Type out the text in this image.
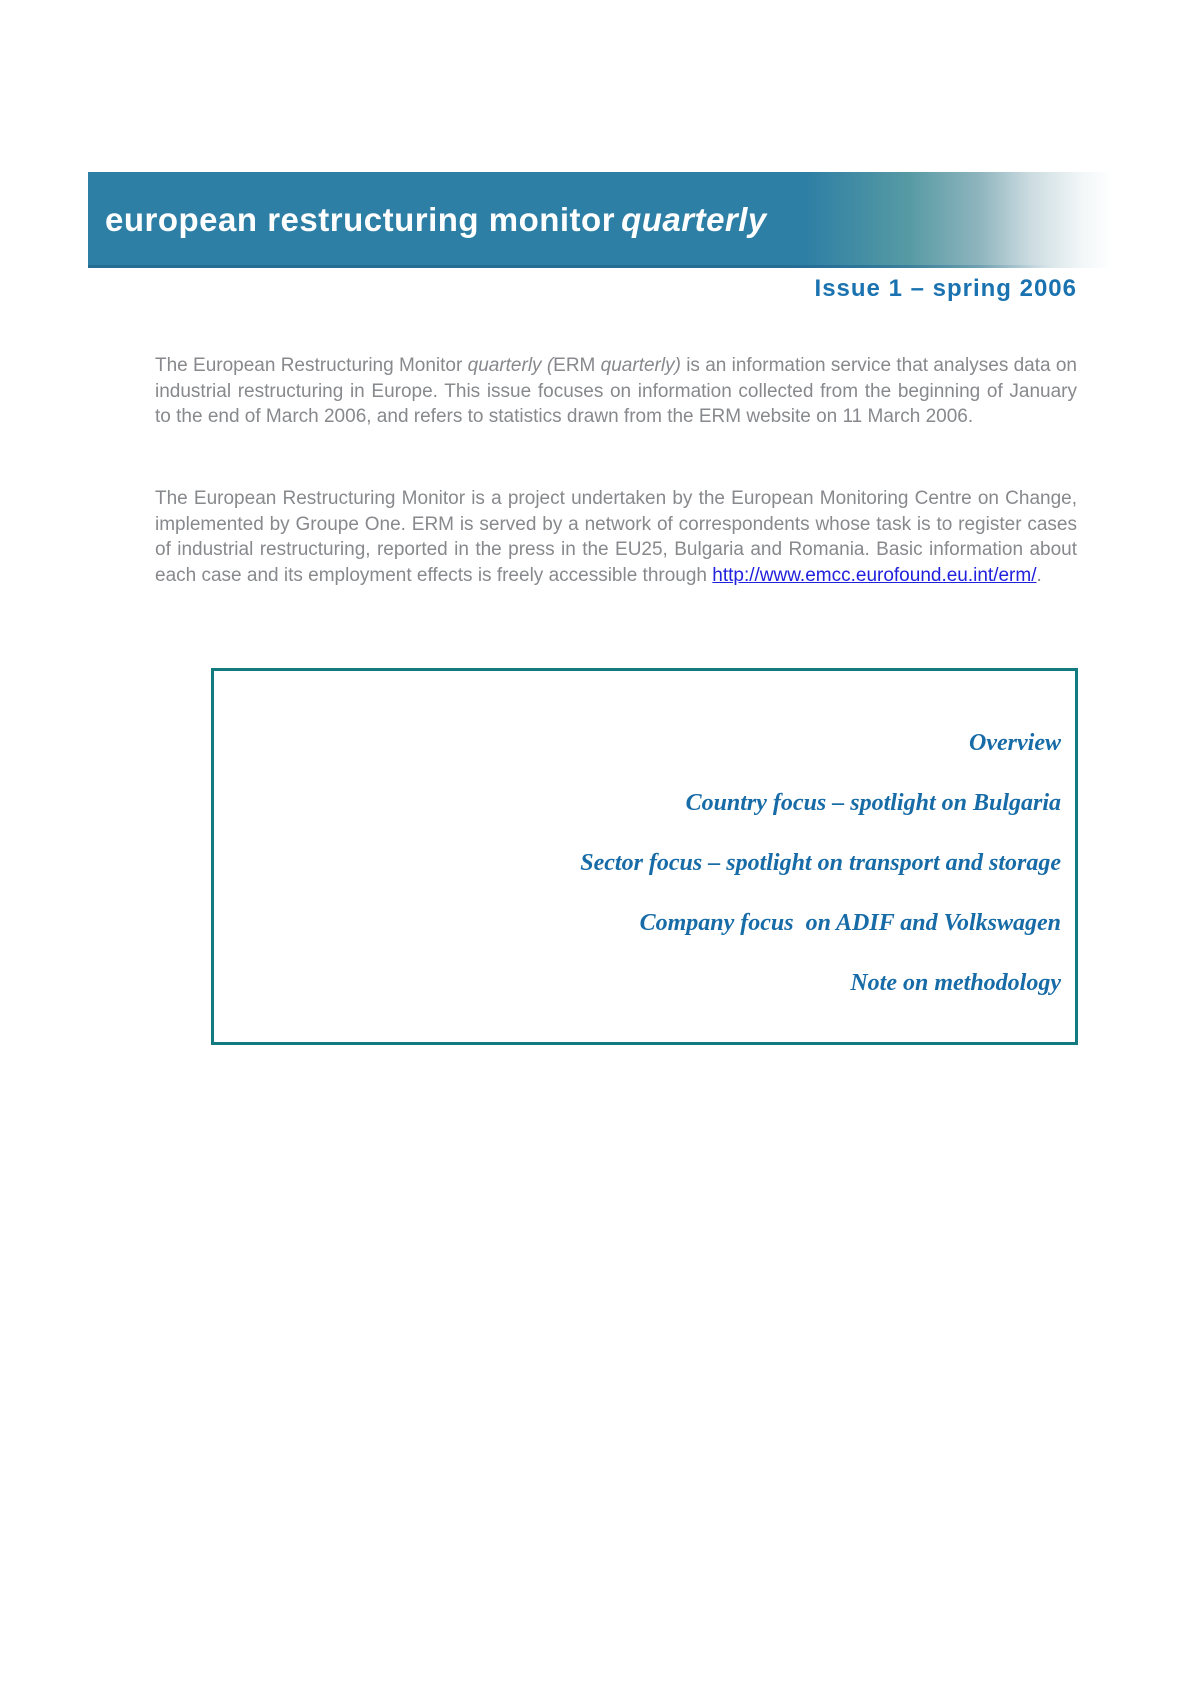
european restructuring monitor quarterly
Issue 1 – spring 2006

The European Restructuring Monitor quarterly (ERM quarterly) is an information service that analyses data on industrial restructuring in Europe. This issue focuses on information collected from the beginning of January to the end of March 2006, and refers to statistics drawn from the ERM website on 11 March 2006.

The European Restructuring Monitor is a project undertaken by the European Monitoring Centre on Change, implemented by Groupe One. ERM is served by a network of correspondents whose task is to register cases of industrial restructuring, reported in the press in the EU25, Bulgaria and Romania. Basic information about each case and its employment effects is freely accessible through http://www.emcc.eurofound.eu.int/erm/.

Overview
Country focus – spotlight on Bulgaria
Sector focus – spotlight on transport and storage
Company focus  on ADIF and Volkswagen
Note on methodology
